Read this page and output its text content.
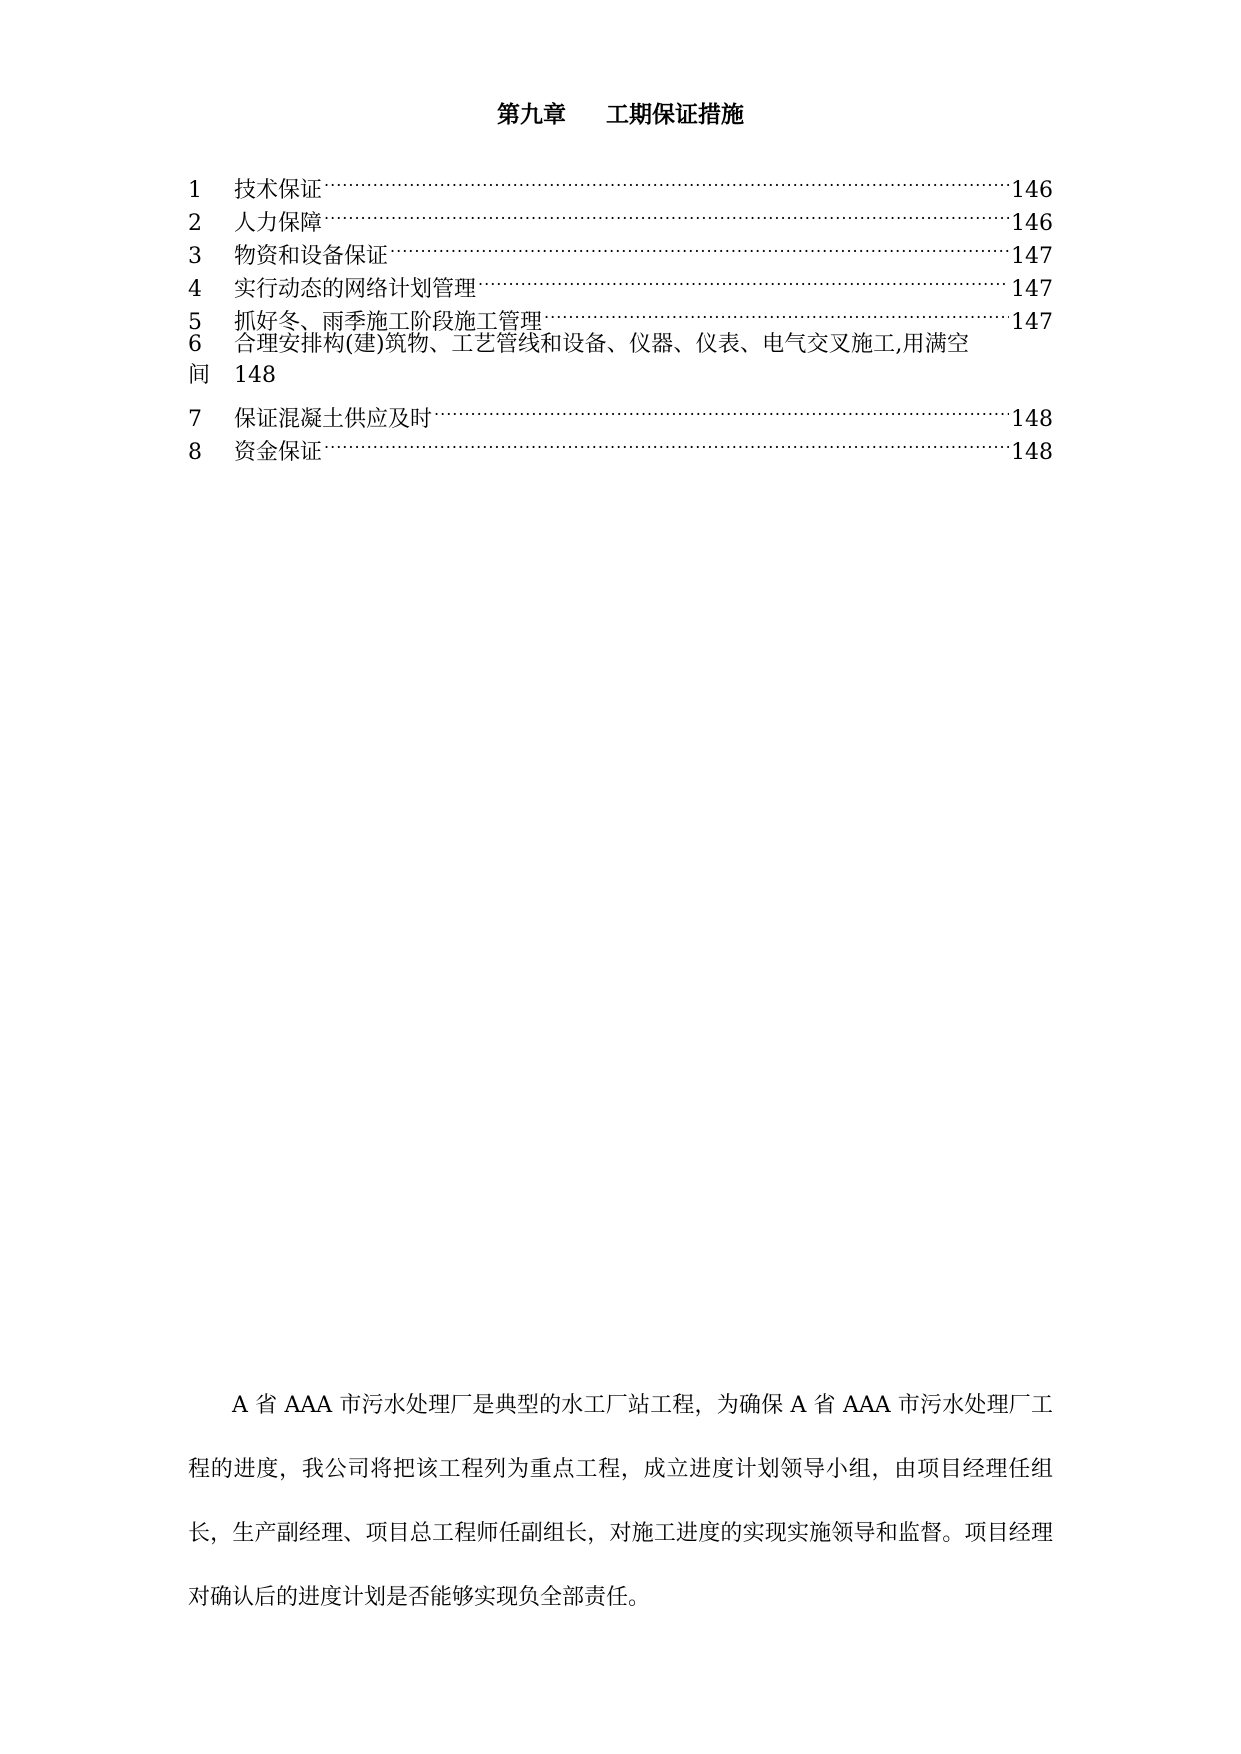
第九章 工期保证措施
1	技术保证 .....	146
2	人力保障 .....	146
3	物资和设备保证 .....	147
4	实行动态的网络计划管理 .....	147
5	抓好冬、雨季施工阶段施工管理 .....	147
6	合理安排构(建)筑物、工艺管线和设备、仪器、仪表、电气交叉施工,用满空
间	148
7	保证混凝土供应及时 .....	148
8	资金保证 .....	148

A 省 AAA 市污水处理厂是典型的水工厂站工程，为确保 A 省 AAA 市污水处理厂工程的进度，我公司将把该工程列为重点工程，成立进度计划领导小组，由项目经理任组长，生产副经理、项目总工程师任副组长，对施工进度的实现实施领导和监督。项目经理对确认后的进度计划是否能够实现负全部责任。
